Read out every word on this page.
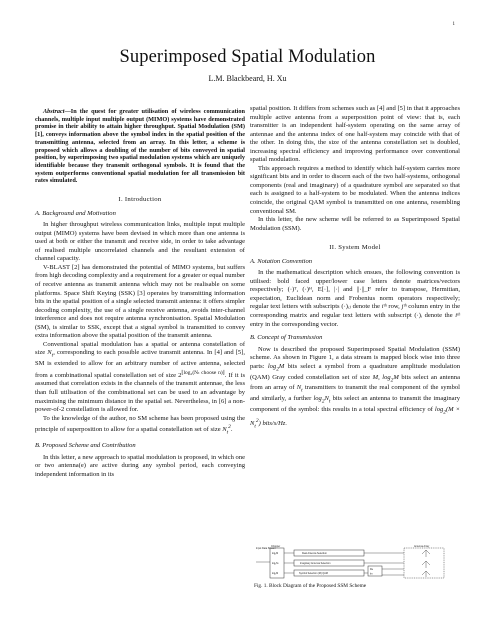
1
Superimposed Spatial Modulation
L.M. Blackbeard, H. Xu

Abstract—In the quest for greater utilisation of wireless communication channels, multiple input multiple output (MIMO) systems have demonstrated promise in their ability to attain higher throughput. Spatial Modulation (SM) [1], conveys information above the symbol index in the spatial position of the transmitting antenna, selected from an array. In this letter, a scheme is proposed which allows a doubling of the number of bits conveyed in spatial position, by superimposing two spatial modulation systems which are uniquely identifiable because they transmit orthogonal symbols. It is found that the system outperforms conventional spatial modulation for all transmission bit rates simulated.

I. Introduction
A. Background and Motivation

In higher throughput wireless communication links, multiple input multiple output (MIMO) systems have been devised in which more than one antenna is used at both or either the transmit and receive side, in order to take advantage of realised multiple uncorrelated channels and the resultant extension of channel capacity.

V-BLAST [2] has demonstrated the potential of MIMO systems, but suffers from high decoding complexity and a requirement for a greater or equal number of receive antenna as transmit antenna which may not be realisable on some platforms. Space Shift Keying (SSK) [3] operates by transmitting information bits in the spatial position of a single selected transmit antenna: it offers simpler decoding complexity, the use of a single receive antenna, avoids inter-channel interference and does not require antenna synchronisation. Spatial Modulation (SM), is similar to SSK, except that a signal symbol is transmitted to convey extra information above the spatial position of the transmit antenna.

Conventional spatial modulation has a spatial or antenna constellation of size $N_t$, corresponding to each possible active transmit antenna. In [4] and [5], SM is extended to allow for an arbitrary number of active antenna, selected from a combinational spatial constellation set of size $2^{⌊log_2(N_t choose n)⌋}$. If it is assumed that correlation exists in the channels of the transmit antennae, the less than full utilisation of the combinational set can be used to an advantage by maximising the minimum distance in the spatial set. Nevertheless, in [6] a non-power-of-2 constellation is allowed for.

To the knowledge of the author, no SM scheme has been proposed using the principle of superposition to allow for a spatial constellation set of size $N_t^2$.

B. Proposed Scheme and Contribution

In this letter, a new approach to spatial modulation is proposed, in which one or two antenna(e) are active during any symbol period, each conveying independent information in its

spatial position. It differs from schemes such as [4] and [5] in that it approaches multiple active antenna from a superposition point of view: that is, each transmitter is an independent half-system operating on the same array of antennae and the antenna index of one half-system may coincide with that of the other. In doing this, the size of the antenna constellation set is doubled, increasing spectral efficiency and improving performance over conventional spatial modulation.

This approach requires a method to identify which half-system carries more significant bits and in order to discern each of the two half-systems, orthogonal components (real and imaginary) of a quadrature symbol are separated so that each is assigned to a half-system to be modulated. When the antenna indices coincide, the original QAM symbol is transmitted on one antenna, resembling conventional SM.

In this letter, the new scheme will be referred to as Superimposed Spatial Modulation (SSM).

II. System Model
A. Notation Convention

In the mathematical description which ensues, the following convention is utilised: bold faced upper/lower case letters denote matrices/vectors respectively; (·)ᵀ, (·)ᴴ, E[·], |·| and ||·||_F refer to transpose, Hermitian, expectation, Euclidean norm and Frobenius norm operators respectively; regular text letters with subscripts (·)ᵢⱼ denote the iᵗʰ row, jᵗʰ column entry in the corresponding matrix and regular text letters with subscript (·)ᵢ denote the iᵗʰ entry in the corresponding vector.

B. Concept of Transmission

Now is described the proposed Superimposed Spatial Modulation (SSM) scheme. As shown in Figure 1, a data stream is mapped block wise into three parts: $\log_2M$ bits select a symbol from a quadrature amplitude modulation (QAM) Gray coded constellation set of size M, $\log_2M$ bits select an antenna from an array of $N_t$ transmitters to transmit the real component of the symbol and similarly, a further $\log_2N_t$ bits select an antenna to transmit the imaginary component of the symbol: this results in a total spectral efficiency of $\log_2(M \times N_t^2)$ bits/s/Hz.

Input Data Stream
Chopper
log₂M
log₂Nₜ
log₂M
Real Antenna Selection
Imaginary Antenna Selection
Symbol Selection (M) QAM
Re
Im
Antenna Array
Fig. 1. Block Diagram of the Proposed SSM Scheme
